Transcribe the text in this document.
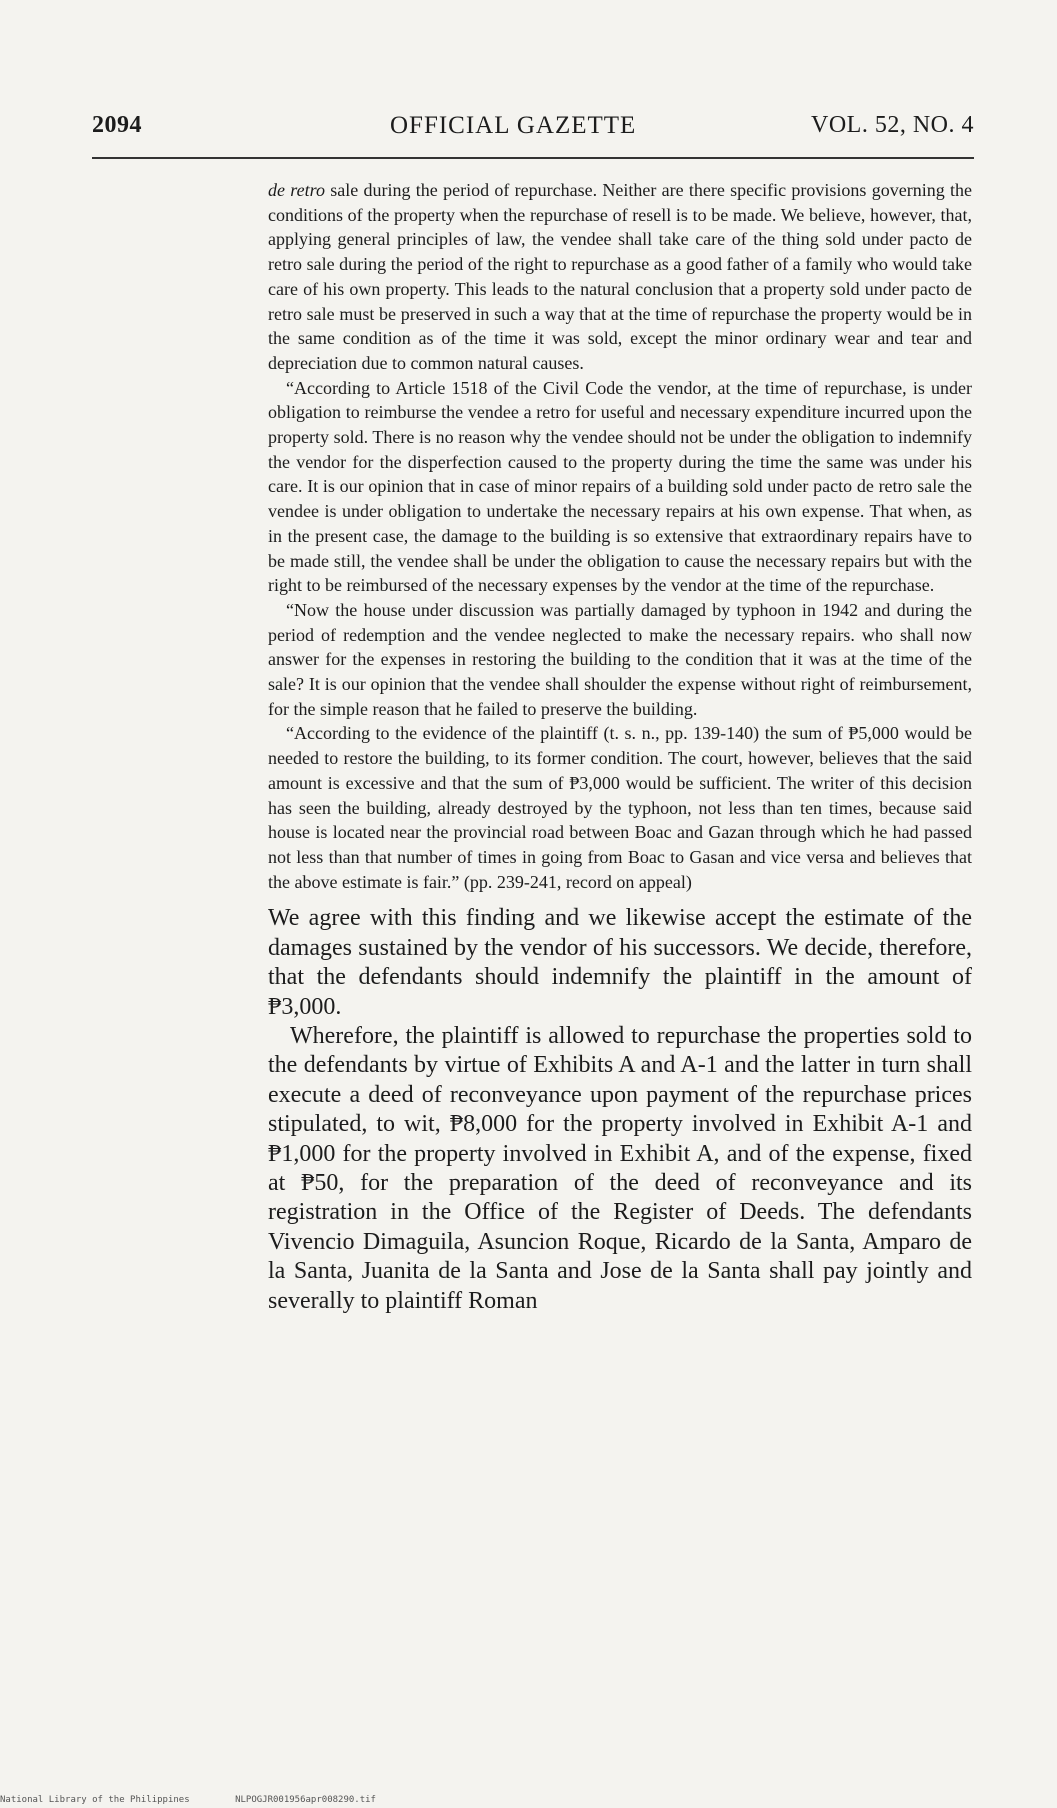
2094	OFFICIAL GAZETTE	VOL. 52, NO. 4

de retro sale during the period of repurchase. Neither are there specific provisions governing the conditions of the property when the repurchase of resell is to be made. We believe, however, that, applying general principles of law, the vendee shall take care of the thing sold under pacto de retro sale during the period of the right to repurchase as a good father of a family who would take care of his own property. This leads to the natural conclusion that a property sold under pacto de retro sale must be preserved in such a way that at the time of repurchase the property would be in the same condition as of the time it was sold, except the minor ordinary wear and tear and depreciation due to common natural causes.

“According to Article 1518 of the Civil Code the vendor, at the time of repurchase, is under obligation to reimburse the vendee a retro for useful and necessary expenditure incurred upon the property sold. There is no reason why the vendee should not be under the obligation to indemnify the vendor for the disperfection caused to the property during the time the same was under his care. It is our opinion that in case of minor repairs of a building sold under pacto de retro sale the vendee is under obligation to undertake the necessary repairs at his own expense. That when, as in the present case, the damage to the building is so extensive that extraordinary repairs have to be made still, the vendee shall be under the obligation to cause the necessary repairs but with the right to be reimbursed of the necessary expenses by the vendor at the time of the repurchase.

“Now the house under discussion was partially damaged by typhoon in 1942 and during the period of redemption and the vendee neglected to make the necessary repairs. who shall now answer for the expenses in restoring the building to the condition that it was at the time of the sale? It is our opinion that the vendee shall shoulder the expense without right of reimbursement, for the simple reason that he failed to preserve the building.

“According to the evidence of the plaintiff (t. s. n., pp. 139-140) the sum of ₱5,000 would be needed to restore the building, to its former condition. The court, however, believes that the said amount is excessive and that the sum of ₱3,000 would be sufficient. The writer of this decision has seen the building, already destroyed by the typhoon, not less than ten times, because said house is located near the provincial road between Boac and Gazan through which he had passed not less than that number of times in going from Boac to Gasan and vice versa and believes that the above estimate is fair.” (pp. 239-241, record on appeal)

We agree with this finding and we likewise accept the estimate of the damages sustained by the vendor of his successors. We decide, therefore, that the defendants should indemnify the plaintiff in the amount of ₱3,000.

Wherefore, the plaintiff is allowed to repurchase the properties sold to the defendants by virtue of Exhibits A and A-1 and the latter in turn shall execute a deed of reconveyance upon payment of the repurchase prices stipulated, to wit, ₱8,000 for the property involved in Exhibit A-1 and ₱1,000 for the property involved in Exhibit A, and of the expense, fixed at ₱50, for the preparation of the deed of reconveyance and its registration in the Office of the Register of Deeds. The defendants Vivencio Dimaguila, Asuncion Roque, Ricardo de la Santa, Amparo de la Santa, Juanita de la Santa and Jose de la Santa shall pay jointly and severally to plaintiff Roman

National Library of the Philippines	NLPOGJR001956apr008290.tif
